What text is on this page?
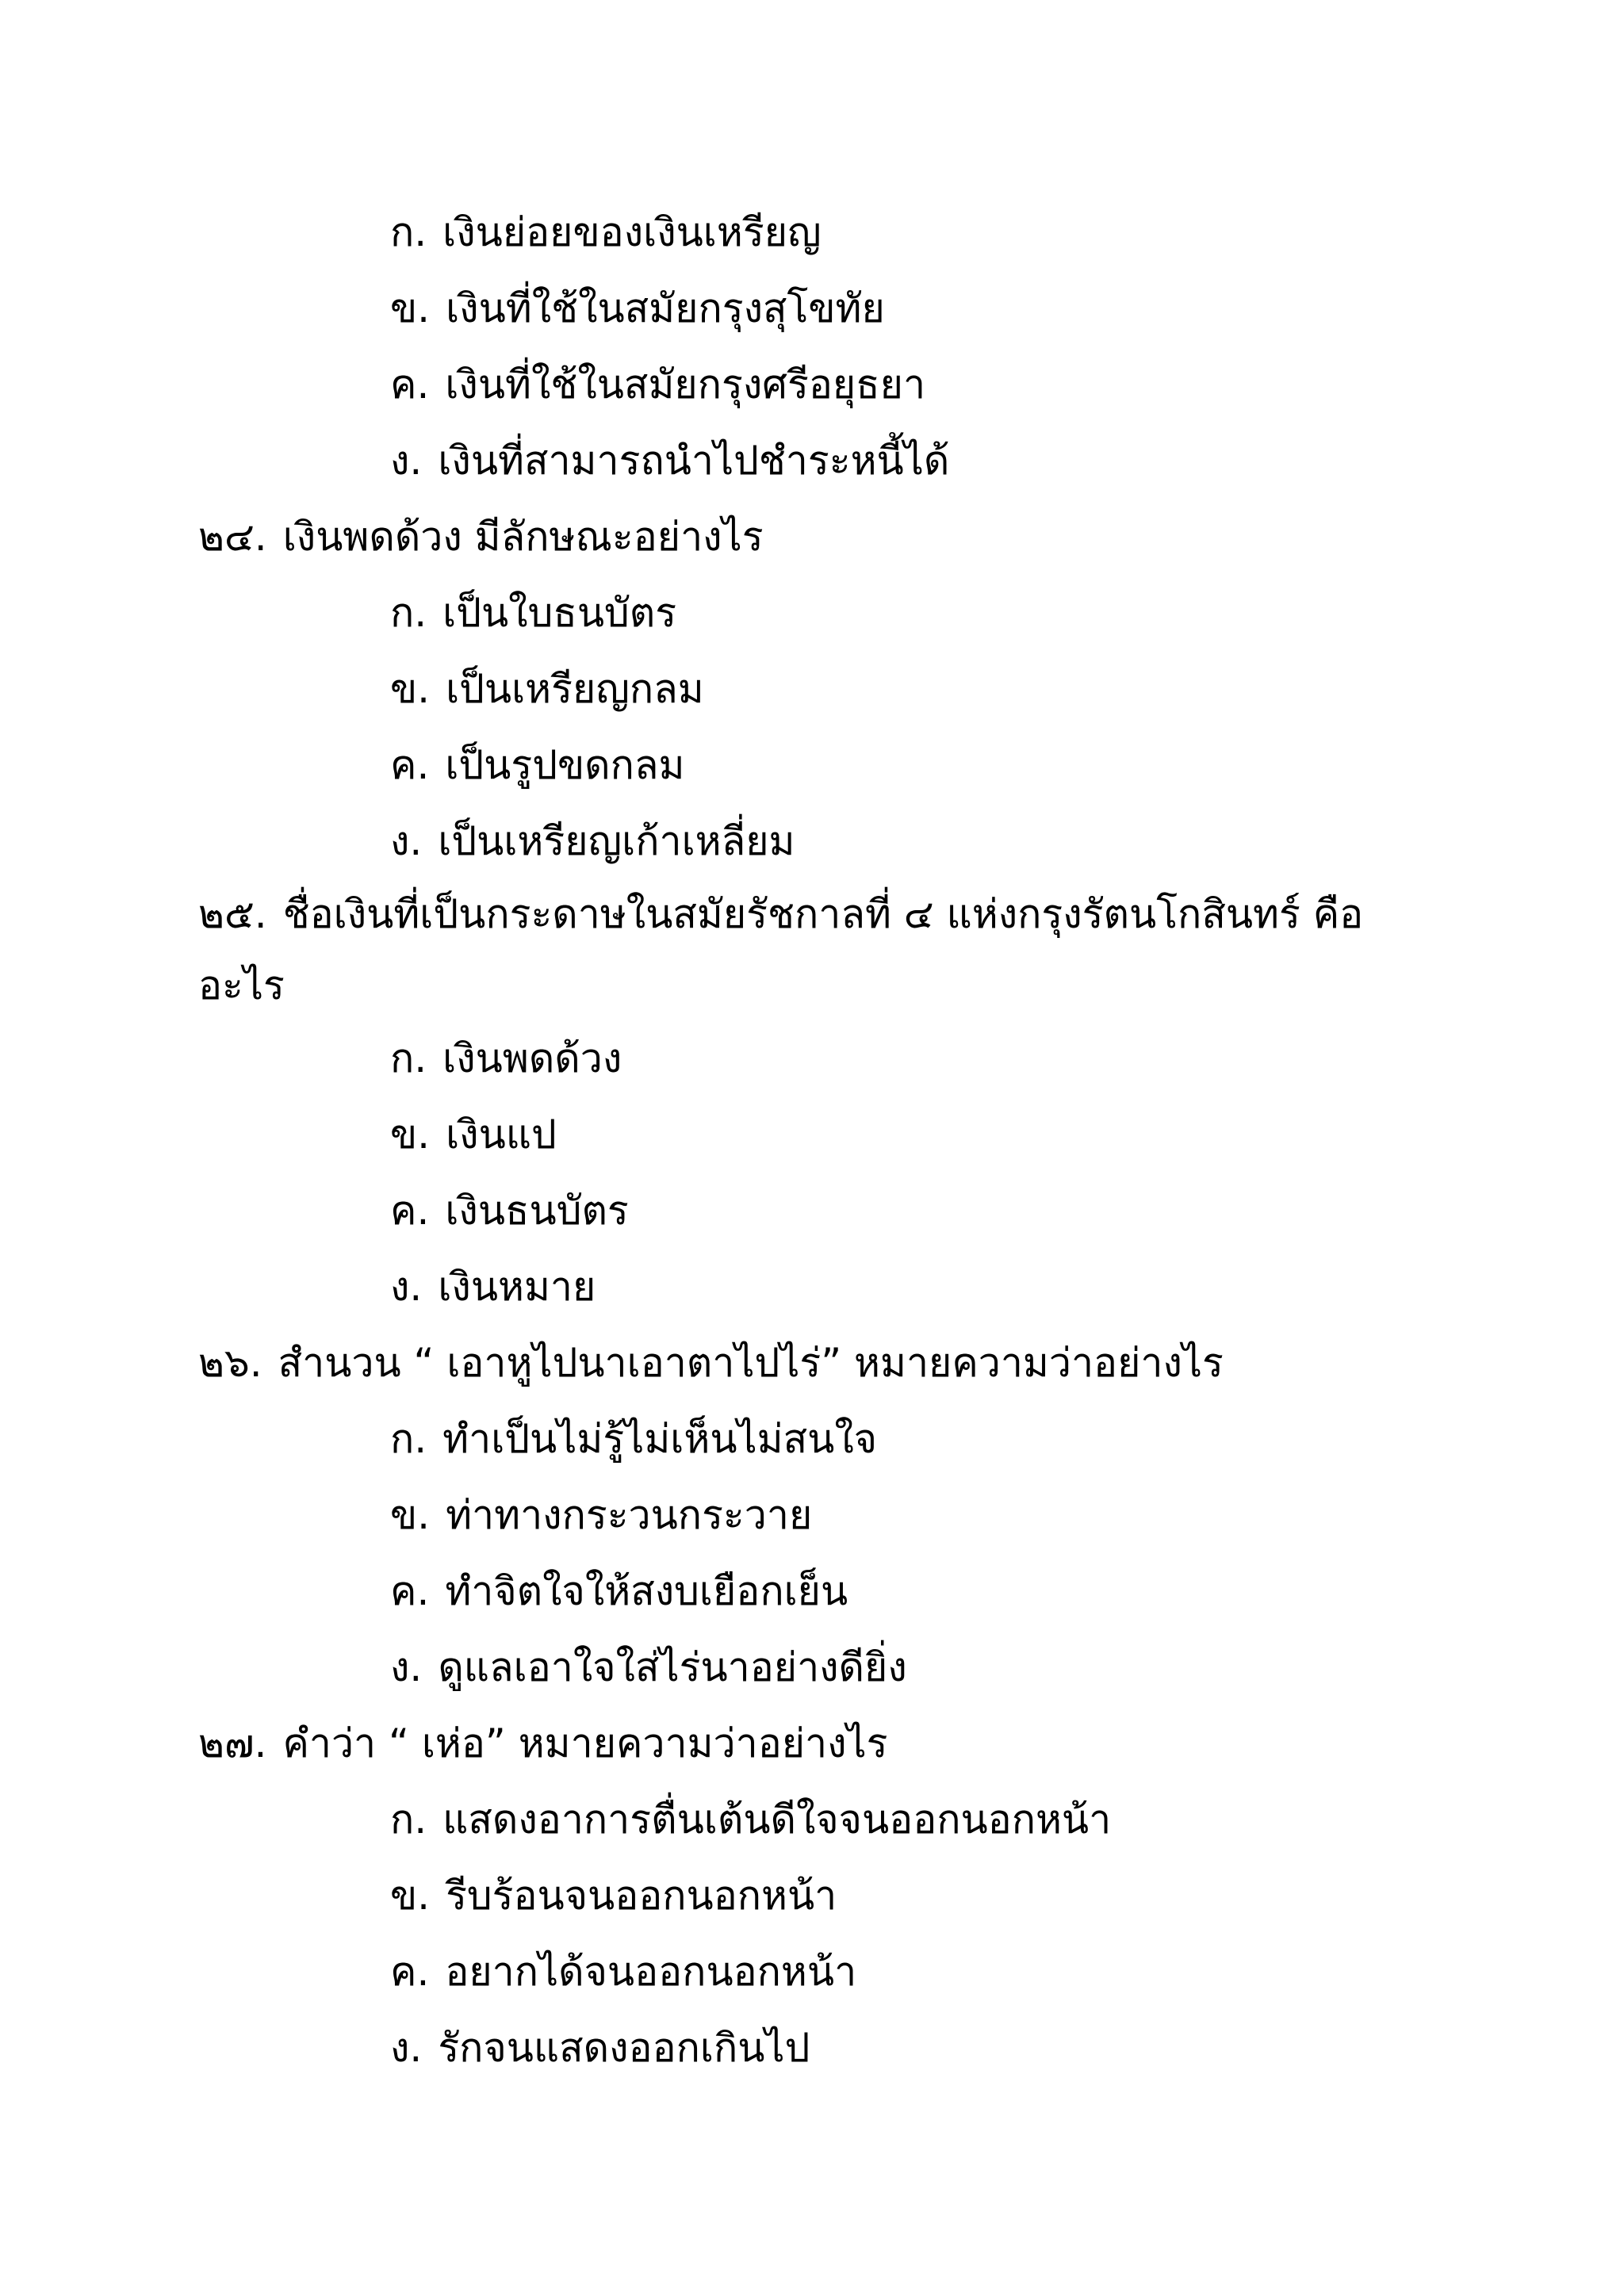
ก. เงินย่อยของเงินเหรียญ
ข. เงินที่ใช้ในสมัยกรุงสุโขทัย
ค. เงินที่ใช้ในสมัยกรุงศรีอยุธยา
ง. เงินที่สามารถนำไปชำระหนี้ได้
๒๔. เงินพดด้วง มีลักษณะอย่างไร
ก. เป็นใบธนบัตร
ข. เป็นเหรียญกลม
ค. เป็นรูปขดกลม
ง. เป็นเหรียญเก้าเหลี่ยม
๒๕. ชื่อเงินที่เป็นกระดาษในสมัยรัชกาลที่ ๔ แห่งกรุงรัตนโกสินทร์ คืออะไร
ก. เงินพดด้วง
ข. เงินแป
ค. เงินธนบัตร
ง.เงินหมาย
๒๖. สำนวน “ เอาหูไปนาเอาตาไปไร่” หมายความว่าอย่างไร
ก. ทำเป็นไม่รู้ไม่เห็นไม่สนใจ
ข. ท่าทางกระวนกระวาย
ค. ทำจิตใจให้สงบเยือกเย็น
ง. ดูแลเอาใจใส่ไร่นาอย่างดียิ่ง
๒๗. คำว่า “ เห่อ” หมายความว่าอย่างไร
ก. แสดงอาการตื่นเต้นดีใจจนออกนอกหน้า
ข. รีบร้อนจนออกนอกหน้า
ค. อยากได้จนออกนอกหน้า
ง. รักจนแสดงออกเกินไป
